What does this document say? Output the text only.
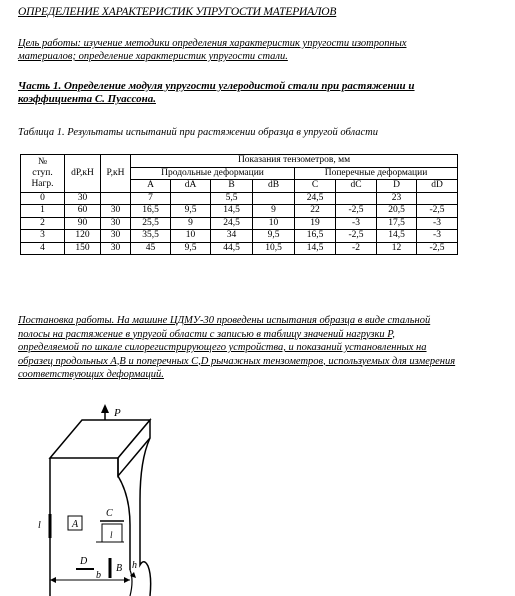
ОПРЕДЕЛЕНИЕ ХАРАКТЕРИСТИК УПРУГОСТИ МАТЕРИАЛОВ
Цель работы: изучение методики определения характеристик упругости изотропных
материалов; определение характеристик упругости стали.
Часть 1. Определение модуля упругости углеродистой стали при растяжении и
коэффициента С. Пуассона.
Таблица 1. Результаты испытаний при растяжении образца в упругой области
№
ступ.
Нагр.	dP,кН	P,кН	Показания тензометров, мм							
			Продольные деформации				Поперечные деформации			
			A	dA	B	dB	C	dC	D	dD
0	30		7		5,5		24,5		23	
1	60	30	16,5	9,5	14,5	9	22	-2,5	20,5	-2,5
2	90	30	25,5	9	24,5	10	19	-3	17,5	-3
3	120	30	35,5	10	34	9,5	16,5	-2,5	14,5	-3
4	150	30	45	9,5	44,5	10,5	14,5	-2	12	-2,5
Постановка работы. На машине ЦДМУ-30 проведены испытания образца в виде стальной
полосы на растяжение в упругой области с записью в таблицу значений нагрузки P,
определяемой по шкале силорегистрирующего устройства, и показаний установленных на
образец продольных A,B и поперечных C,D рычажных тензометров, используемых для измерения
соответствующих деформаций.
P
l	A
C
l
D
B
b
h
